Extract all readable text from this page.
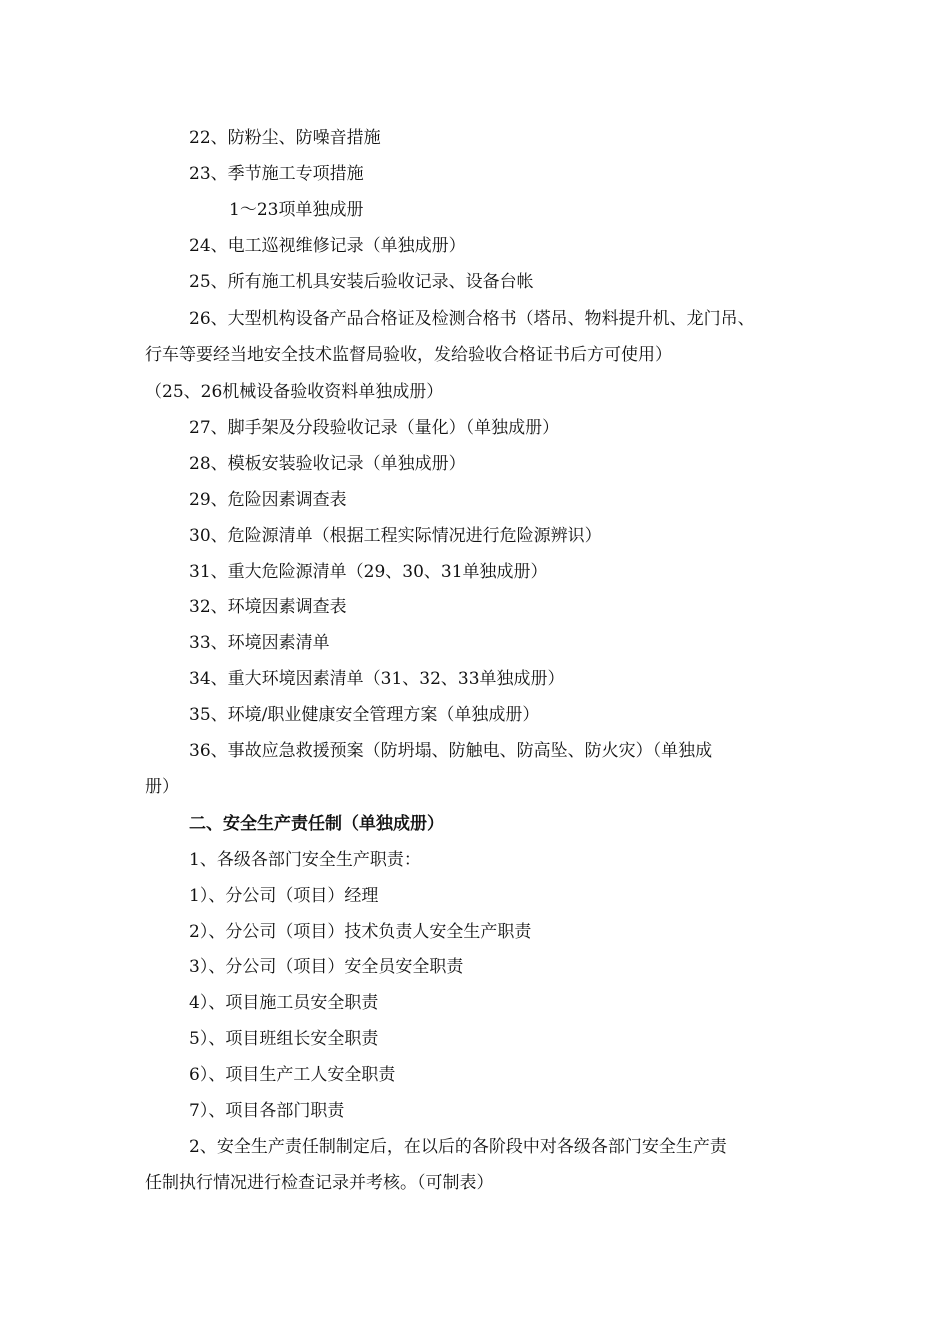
22、防粉尘、防噪音措施
23、季节施工专项措施
1～23项单独成册
24、电工巡视维修记录（单独成册）
25、所有施工机具安装后验收记录、设备台帐
26、大型机构设备产品合格证及检测合格书（塔吊、物料提升机、龙门吊、
行车等要经当地安全技术监督局验收，发给验收合格证书后方可使用）
（25、26机械设备验收资料单独成册）
27、脚手架及分段验收记录（量化）（单独成册）
28、模板安装验收记录（单独成册）
29、危险因素调查表
30、危险源清单（根据工程实际情况进行危险源辨识）
31、重大危险源清单（29、30、31单独成册）
32、环境因素调查表
33、环境因素清单
34、重大环境因素清单（31、32、33单独成册）
35、环境/职业健康安全管理方案（单独成册）
36、事故应急救援预案（防坍塌、防触电、防高坠、防火灾）（单独成
册）
二、安全生产责任制（单独成册）
1、各级各部门安全生产职责：
1）、分公司（项目）经理
2）、分公司（项目）技术负责人安全生产职责
3）、分公司（项目）安全员安全职责
4）、项目施工员安全职责
5）、项目班组长安全职责
6）、项目生产工人安全职责
7）、项目各部门职责
2、安全生产责任制制定后，在以后的各阶段中对各级各部门安全生产责
任制执行情况进行检查记录并考核。（可制表）
